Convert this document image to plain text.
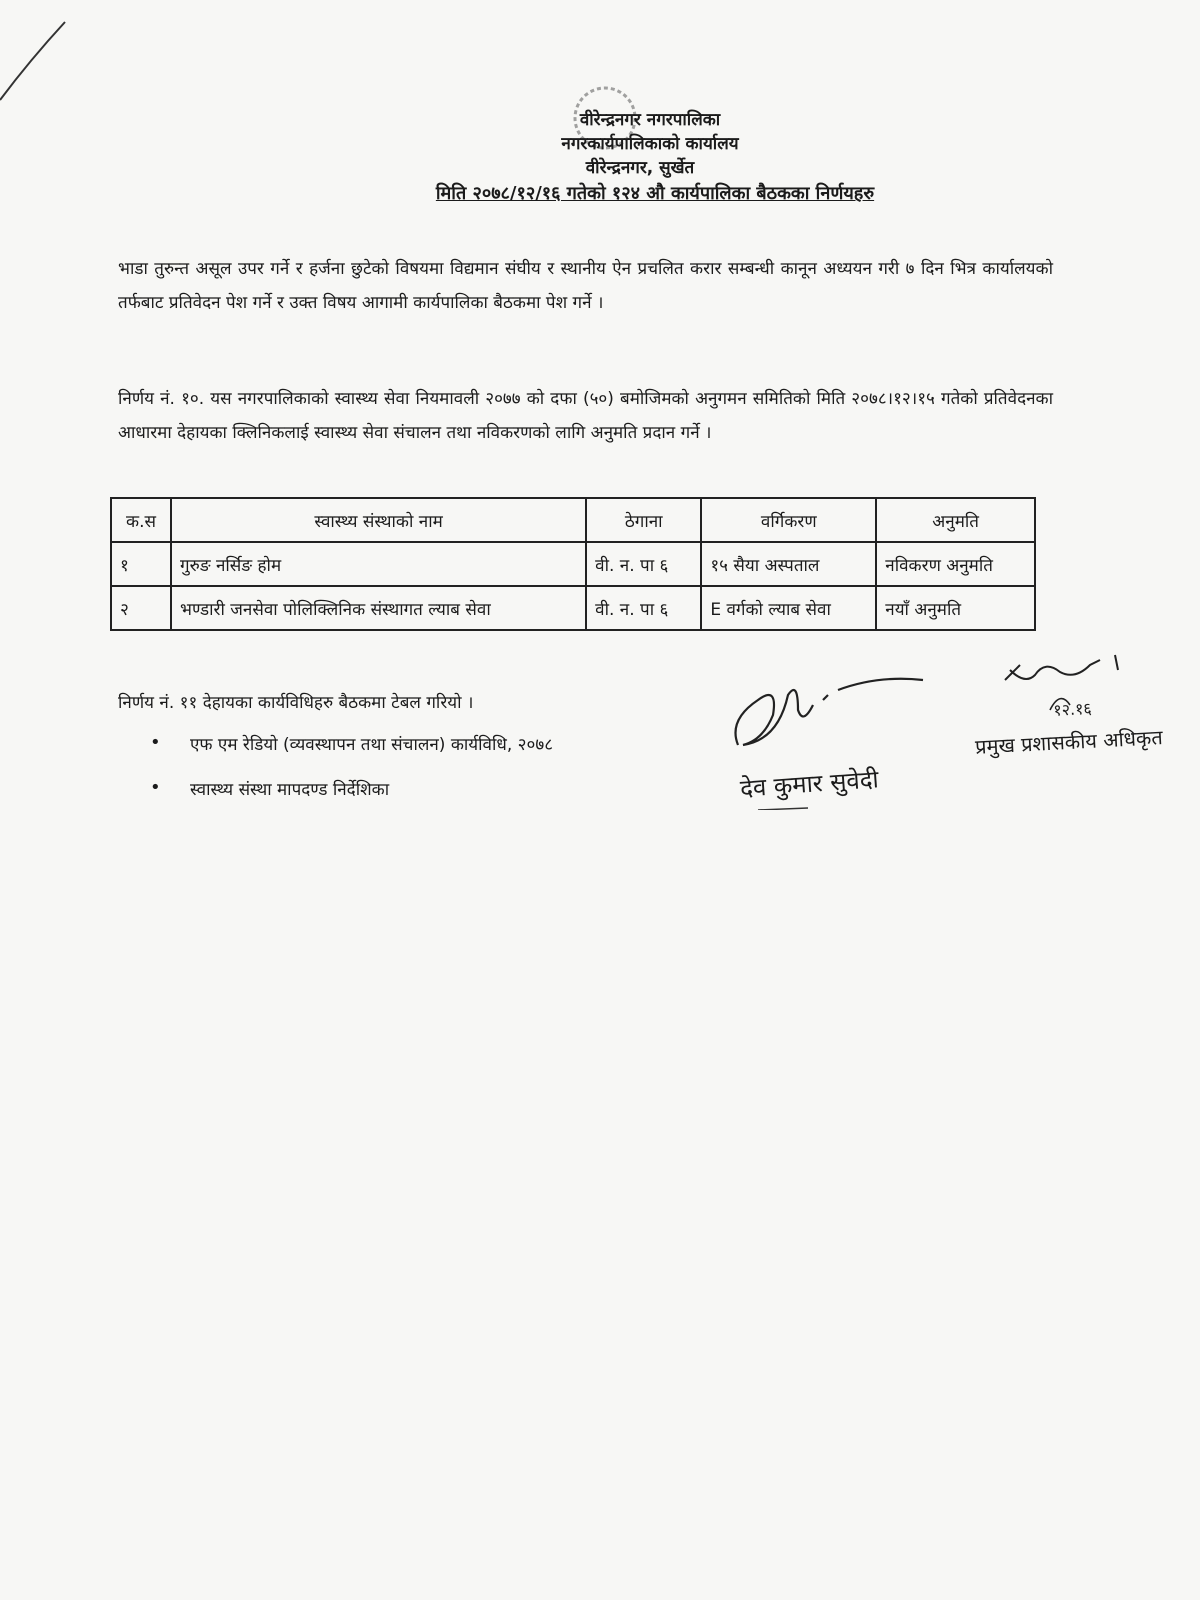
वीरेन्द्रनगर नगरपालिका
नगरकार्यपालिकाको कार्यालय
वीरेन्द्रनगर, सुर्खेत
मिति २०७८/१२/१६ गतेको १२४ औ कार्यपालिका बैठकका निर्णयहरु
भाडा तुरुन्त असूल उपर गर्ने र हर्जना छुटेको विषयमा विद्यमान संघीय र स्थानीय ऐन प्रचलित करार सम्बन्धी कानून अध्ययन गरी ७ दिन भित्र कार्यालयको तर्फबाट प्रतिवेदन पेश गर्ने र उक्त विषय आगामी कार्यपालिका बैठकमा पेश गर्ने ।
निर्णय नं. १०. यस नगरपालिकाको स्वास्थ्य सेवा नियमावली २०७७ को दफा (५०) बमोजिमको अनुगमन समितिको मिति २०७८।१२।१५ गतेको प्रतिवेदनका आधारमा देहायका क्लिनिकलाई स्वास्थ्य सेवा संचालन तथा नविकरणको लागि अनुमति प्रदान गर्ने ।
क.स	स्वास्थ्य संस्थाको नाम	ठेगाना	वर्गिकरण	अनुमति
१	गुरुङ नर्सिङ होम	वी. न. पा ६	१५ सैया अस्पताल	नविकरण अनुमति
२	भण्डारी जनसेवा पोलिक्लिनिक संस्थागत ल्याब सेवा	वी. न. पा ६	E वर्गको ल्याब सेवा	नयाँ अनुमति
निर्णय नं. ११ देहायका कार्यविधिहरु बैठकमा टेबल गरियो ।
•	एफ एम रेडियो (व्यवस्थापन तथा संचालन) कार्यविधि, २०७८
•	स्वास्थ्य संस्था मापदण्ड निर्देशिका	देव कुमार सुवेदी
प्रमुख प्रशासकीय अधिकृत
१२.१६
